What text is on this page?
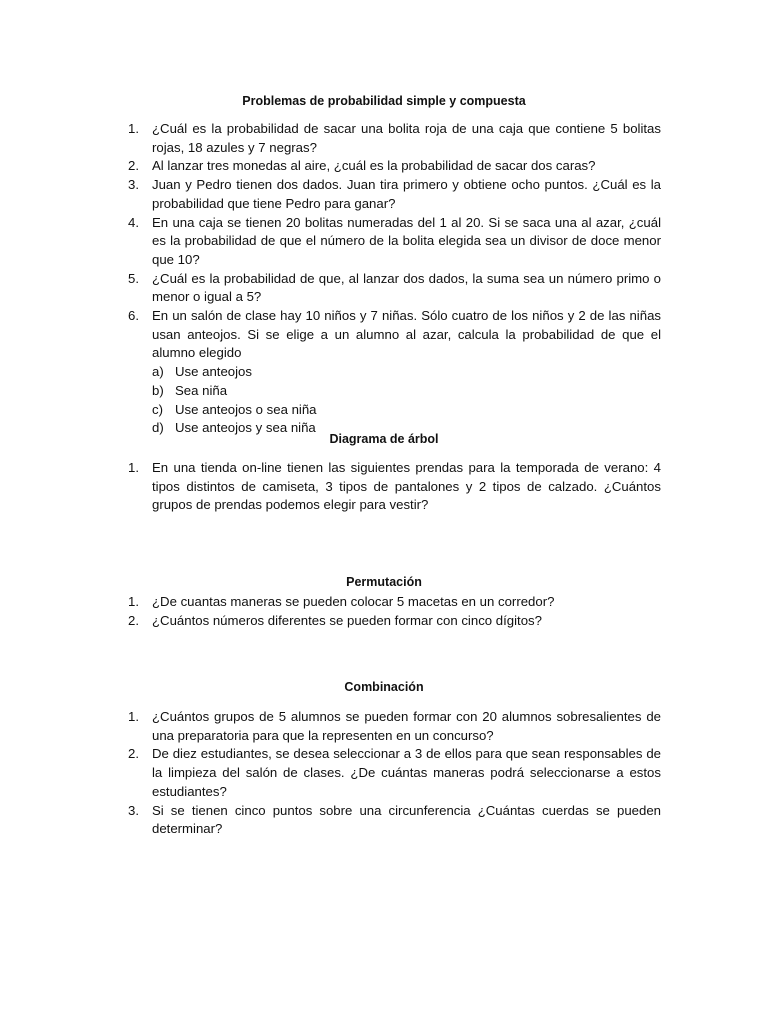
Problemas de probabilidad simple y compuesta
1. ¿Cuál es la probabilidad de sacar una bolita roja de una caja que contiene 5 bolitas rojas, 18 azules y 7 negras?
2. Al lanzar tres monedas al aire, ¿cuál es la probabilidad de sacar dos caras?
3. Juan y Pedro tienen dos dados. Juan tira primero y obtiene ocho puntos. ¿Cuál es la probabilidad que tiene Pedro para ganar?
4. En una caja se tienen 20 bolitas numeradas del 1 al 20. Si se saca una al azar, ¿cuál es la probabilidad de que el número de la bolita elegida sea un divisor de doce menor que 10?
5. ¿Cuál es la probabilidad de que, al lanzar dos dados, la suma sea un número primo o menor o igual a 5?
6. En un salón de clase hay 10 niños y 7 niñas. Sólo cuatro de los niños y 2 de las niñas usan anteojos. Si se elige a un alumno al azar, calcula la probabilidad de que el alumno elegido
a) Use anteojos
b) Sea niña
c) Use anteojos o sea niña
d) Use anteojos y sea niña
Diagrama de árbol
1. En una tienda on-line tienen las siguientes prendas para la temporada de verano: 4 tipos distintos de camiseta, 3 tipos de pantalones y 2 tipos de calzado. ¿Cuántos grupos de prendas podemos elegir para vestir?
Permutación
1. ¿De cuantas maneras se pueden colocar 5 macetas en un corredor?
2. ¿Cuántos números diferentes se pueden formar con cinco dígitos?
Combinación
1. ¿Cuántos grupos de 5 alumnos se pueden formar con 20 alumnos sobresalientes de una preparatoria para que la representen en un concurso?
2. De diez estudiantes, se desea seleccionar a 3 de ellos para que sean responsables de la limpieza del salón de clases. ¿De cuántas maneras podrá seleccionarse a estos estudiantes?
3. Si se tienen cinco puntos sobre una circunferencia ¿Cuántas cuerdas se pueden determinar?
